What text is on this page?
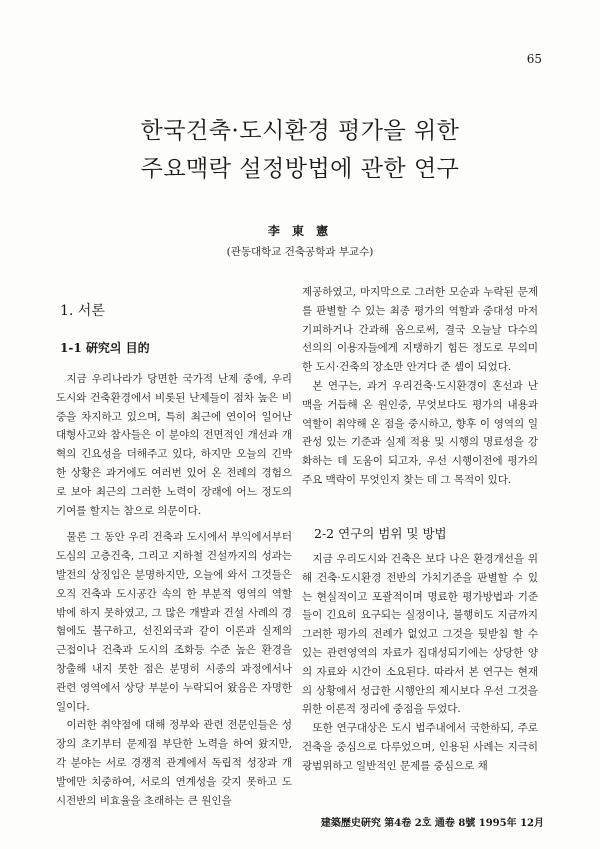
65
한국건축·도시환경 평가을 위한
주요맥락 설정방법에 관한 연구
李 東 憲
(관동대학교 건축공학과 부교수)
1. 서론
1-1 硏究의 目的

지금 우리나라가 당면한 국가적 난제 중에, 우리도시와 건축환경에서 비롯된 난제들이 점차 높은 비중을 차지하고 있으며, 특히 최근에 연이어 일어난 대형사고와 참사들은 이 분야의 전면적인 개선과 개혁의 긴요성을 더해주고 있다, 하지만 오늘의 긴박한 상황은 과거에도 여러번 있어 온 전례의 경험으로 보아 최근의 그러한 노력이 장래에 어느 정도의 기여를 할지는 참으로 의문이다.

물론 그 동안 우리 건축과 도시에서 부익에서부터 도심의 고층건축, 그리고 지하철 건설까지의 성과는 발전의 상징임은 분명하지만, 오늘에 와서 그것들은 오직 건축과 도시공간 속의 한 부분적 영역의 역할밖에 하지 못하였고, 그 많은 개발과 건설 사례의 경험에도 불구하고, 선진외국과 같이 이론과 실제의 근접이나 건축과 도시의 조화등 수준 높은 환경을 창출해 내지 못한 점은 분명히 시종의 과정에서나 관련 영역에서 상당 부분이 누락되어 왔음은 자명한 일이다.

이러한 취약점에 대해 정부와 관련 전문인들은 성장의 초기부터 문제점 부단한 노력을 하여 왔지만, 각 분야는 서로 경쟁적 관계에서 독립적 성장과 개발에만 치중하여, 서로의 연계성을 갖지 못하고 도시전반의 비효율을 초래하는 큰 원인을

제공하였고, 마지막으로 그러한 모순과 누락된 문제를 판별할 수 있는 최종 평가의 역할과 중대성 마저 기피하거나 간과해 옴으로써, 결국 오늘날 다수의 선의의 이용자들에게 지탱하기 힘든 정도로 무의미한 도시·건축의 장소만 안겨다 준 셈이 되었다.

본 연구는, 과거 우리건축·도시환경이 혼선과 난맥을 거듭해 온 원인중, 무엇보다도 평가의 내용과 역할이 취약해 온 점을 중시하고, 향후 이 영역의 일관성 있는 기준과 실제 적용 및 시행의 명료성을 강화하는 데 도움이 되고자, 우선 시행이전에 평가의 주요 맥락이 무엇인지 찾는 데 그 목적이 있다.

2-2 연구의 범위 및 방법

지금 우리도시와 건축은 보다 나은 환경개선을 위해 건축·도시환경 전반의 가치기준을 판별할 수 있는 현실적이고 포괄적이며 명료한 평가방법과 기준들이 긴요히 요구되는 실정이나, 불행히도 지금까지 그러한 평가의 전례가 없었고 그것을 뒷받침 할 수 있는 관련영역의 자료가 집대성되기에는 상당한 양의 자료와 시간이 소요된다. 따라서 본 연구는 현재의 상황에서 성급한 시행안의 제시보다 우선 그것을 위한 이론적 정리에 중점을 두었다.

또한 연구대상은 도시 범주내에서 국한하되, 주로 건축을 중심으로 다루었으며, 인용된 사례는 지극히 광범위하고 일반적인 문제를 중심으로 채

建築歷史硏究 第4卷 2호 通卷 8號 1995年 12月
